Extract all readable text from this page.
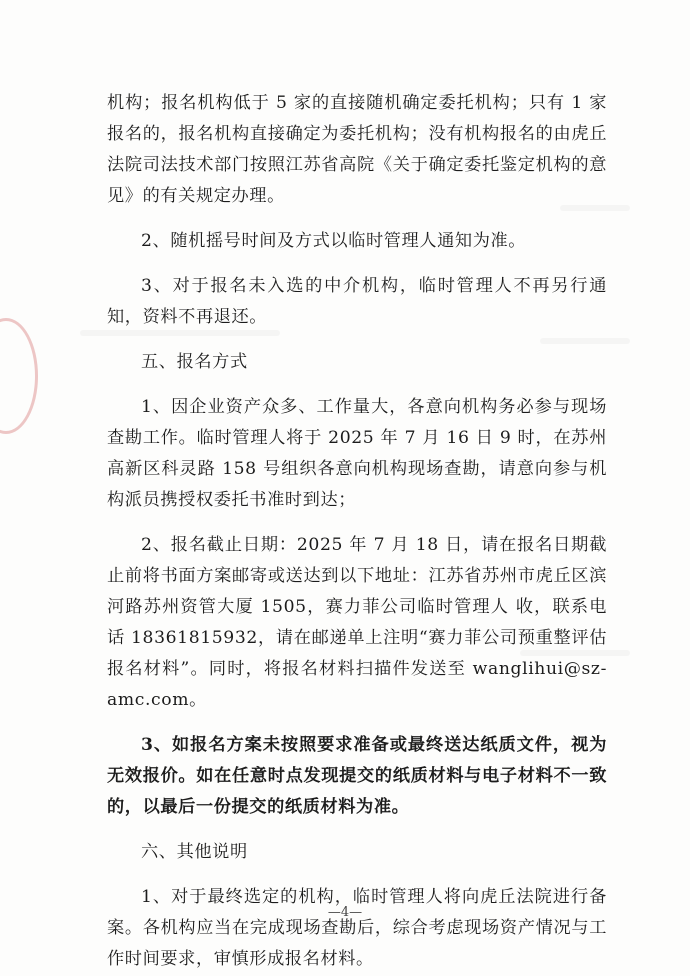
机构；报名机构低于 5 家的直接随机确定委托机构；只有 1 家报名的，报名机构直接确定为委托机构；没有机构报名的由虎丘法院司法技术部门按照江苏省高院《关于确定委托鉴定机构的意见》的有关规定办理。

2、随机摇号时间及方式以临时管理人通知为准。

3、对于报名未入选的中介机构，临时管理人不再另行通知，资料不再退还。

五、报名方式

1、因企业资产众多、工作量大，各意向机构务必参与现场查勘工作。临时管理人将于 2025 年 7 月 16 日 9 时，在苏州高新区科灵路 158 号组织各意向机构现场查勘，请意向参与机构派员携授权委托书准时到达；

2、报名截止日期：2025 年 7 月 18 日，请在报名日期截止前将书面方案邮寄或送达到以下地址：江苏省苏州市虎丘区滨河路苏州资管大厦 1505，赛力菲公司临时管理人 收，联系电话 18361815932，请在邮递单上注明“赛力菲公司预重整评估报名材料”。同时，将报名材料扫描件发送至 wanglihui@sz-amc.com。

3、如报名方案未按照要求准备或最终送达纸质文件，视为无效报价。如在任意时点发现提交的纸质材料与电子材料不一致的，以最后一份提交的纸质材料为准。

六、其他说明

1、对于最终选定的机构，临时管理人将向虎丘法院进行备案。各机构应当在完成现场查勘后，综合考虑现场资产情况与工作时间要求，审慎形成报名材料。

—4—
